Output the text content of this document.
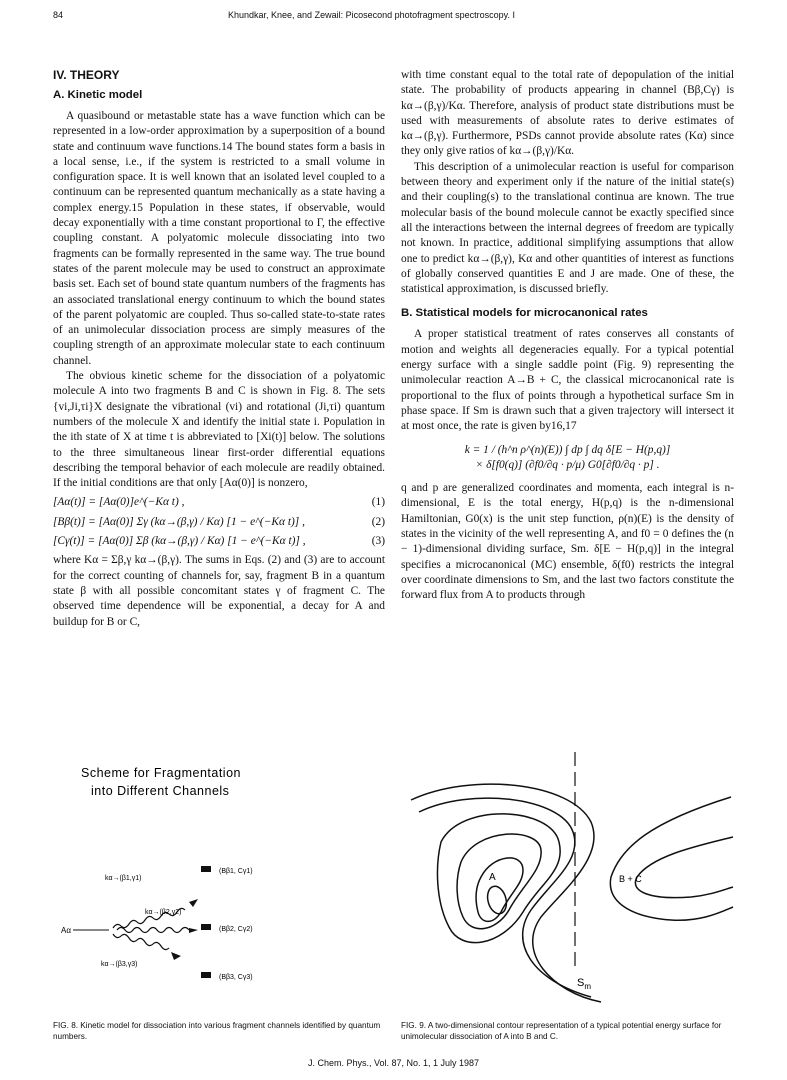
84	Khundkar, Knee, and Zewail: Picosecond photofragment spectroscopy. I
IV. THEORY
A. Kinetic model

A quasibound or metastable state has a wave function which can be represented in a low-order approximation by a superposition of a bound state and continuum wave functions.14 The bound states form a basis in a local sense, i.e., if the system is restricted to a small volume in configuration space. It is well known that an isolated level coupled to a continuum can be represented quantum mechanically as a state having a complex energy.15 Population in these states, if observable, would decay exponentially with a time constant proportional to Γ, the effective coupling constant. A polyatomic molecule dissociating into two fragments can be formally represented in the same way. The true bound states of the parent molecule may be used to construct an approximate basis set. Each set of bound state quantum numbers of the fragments has an associated translational energy continuum to which the bound states of the parent polyatomic are coupled. Thus so-called state-to-state rates of an unimolecular dissociation process are simply measures of the coupling strength of an approximate molecular state to each continuum channel.

The obvious kinetic scheme for the dissociation of a polyatomic molecule A into two fragments B and C is shown in Fig. 8. The sets {vi,Ji,τi}X designate the vibrational (vi) and rotational (Ji,τi) quantum numbers of the molecule X and identify the initial state i. Population in the ith state of X at time t is abbreviated to [Xi(t)] below. The solutions to the three simultaneous linear first-order differential equations describing the temporal behavior of each molecule are readily obtained. If the initial conditions are that only [Aα(0)] is nonzero,

[Aα(t)] = [Aα(0)]e^(−Kα t) ,	(1)
[Bβ(t)] = [Aα(0)] Σγ (kα→(β,γ) / Kα) [1 − e^(−Kα t)] ,	(2)
[Cγ(t)] = [Aα(0)] Σβ (kα→(β,γ) / Kα) [1 − e^(−Kα t)] ,	(3)

where Kα = Σβ,γ kα→(β,γ). The sums in Eqs. (2) and (3) are to account for the correct counting of channels for, say, fragment B in a quantum state β with all possible concomitant states γ of fragment C. The observed time dependence will be exponential, a decay for A and buildup for B or C,

with time constant equal to the total rate of depopulation of the initial state. The probability of products appearing in channel (Bβ,Cγ) is kα→(β,γ)/Kα. Therefore, analysis of product state distributions must be used with measurements of absolute rates to derive estimates of kα→(β,γ). Furthermore, PSDs cannot provide absolute rates (Kα) since they only give ratios of kα→(β,γ)/Kα.

This description of a unimolecular reaction is useful for comparison between theory and experiment only if the nature of the initial state(s) and their coupling(s) to the translational continua are known. The true molecular basis of the bound molecule cannot be exactly specified since all the interactions between the internal degrees of freedom are typically not known. In practice, additional simplifying assumptions that allow one to predict kα→(β,γ), Kα and other quantities of interest as functions of globally conserved quantities E and J are made. One of these, the statistical approximation, is discussed briefly.

B. Statistical models for microcanonical rates

A proper statistical treatment of rates conserves all constants of motion and weights all degeneracies equally. For a typical potential energy surface with a single saddle point (Fig. 9) representing the unimolecular reaction A→B + C, the classical microcanonical rate is proportional to the flux of points through a hypothetical surface Sm in phase space. If Sm is drawn such that a given trajectory will intersect it at most once, the rate is given by16,17

k = 1 / (h^n ρ^(n)(E)) ∫ dp ∫ dq δ[E − H(p,q)]
× δ[f0(q)] (∂f0/∂q · p/μ) G0[∂f0/∂q · p] .

q and p are generalized coordinates and momenta, each integral is n-dimensional, E is the total energy, H(p,q) is the n-dimensional Hamiltonian, G0(x) is the unit step function, ρ(n)(E) is the density of states in the vicinity of the well representing A, and f0 = 0 defines the (n − 1)-dimensional dividing surface, Sm. δ[E − H(p,q)] in the integral specifies a microcanonical (MC) ensemble, δ(f0) restricts the integral over coordinate dimensions to Sm, and the last two factors constitute the forward flux from A to products through

Scheme for Fragmentation
into Different Channels
Aα
kα→(β1,γ1)
kα→(β2,γ2)
kα→(β3,γ3)
(Bβ1, Cγ1)
(Bβ2, Cγ2)
(Bβ3, Cγ3)
A	B + C
$S_m$
FIG. 8. Kinetic model for dissociation into various fragment channels identified by quantum numbers.
FIG. 9. A two-dimensional contour representation of a typical potential energy surface for unimolecular dissociation of A into B and C.
J. Chem. Phys., Vol. 87, No. 1, 1 July 1987
